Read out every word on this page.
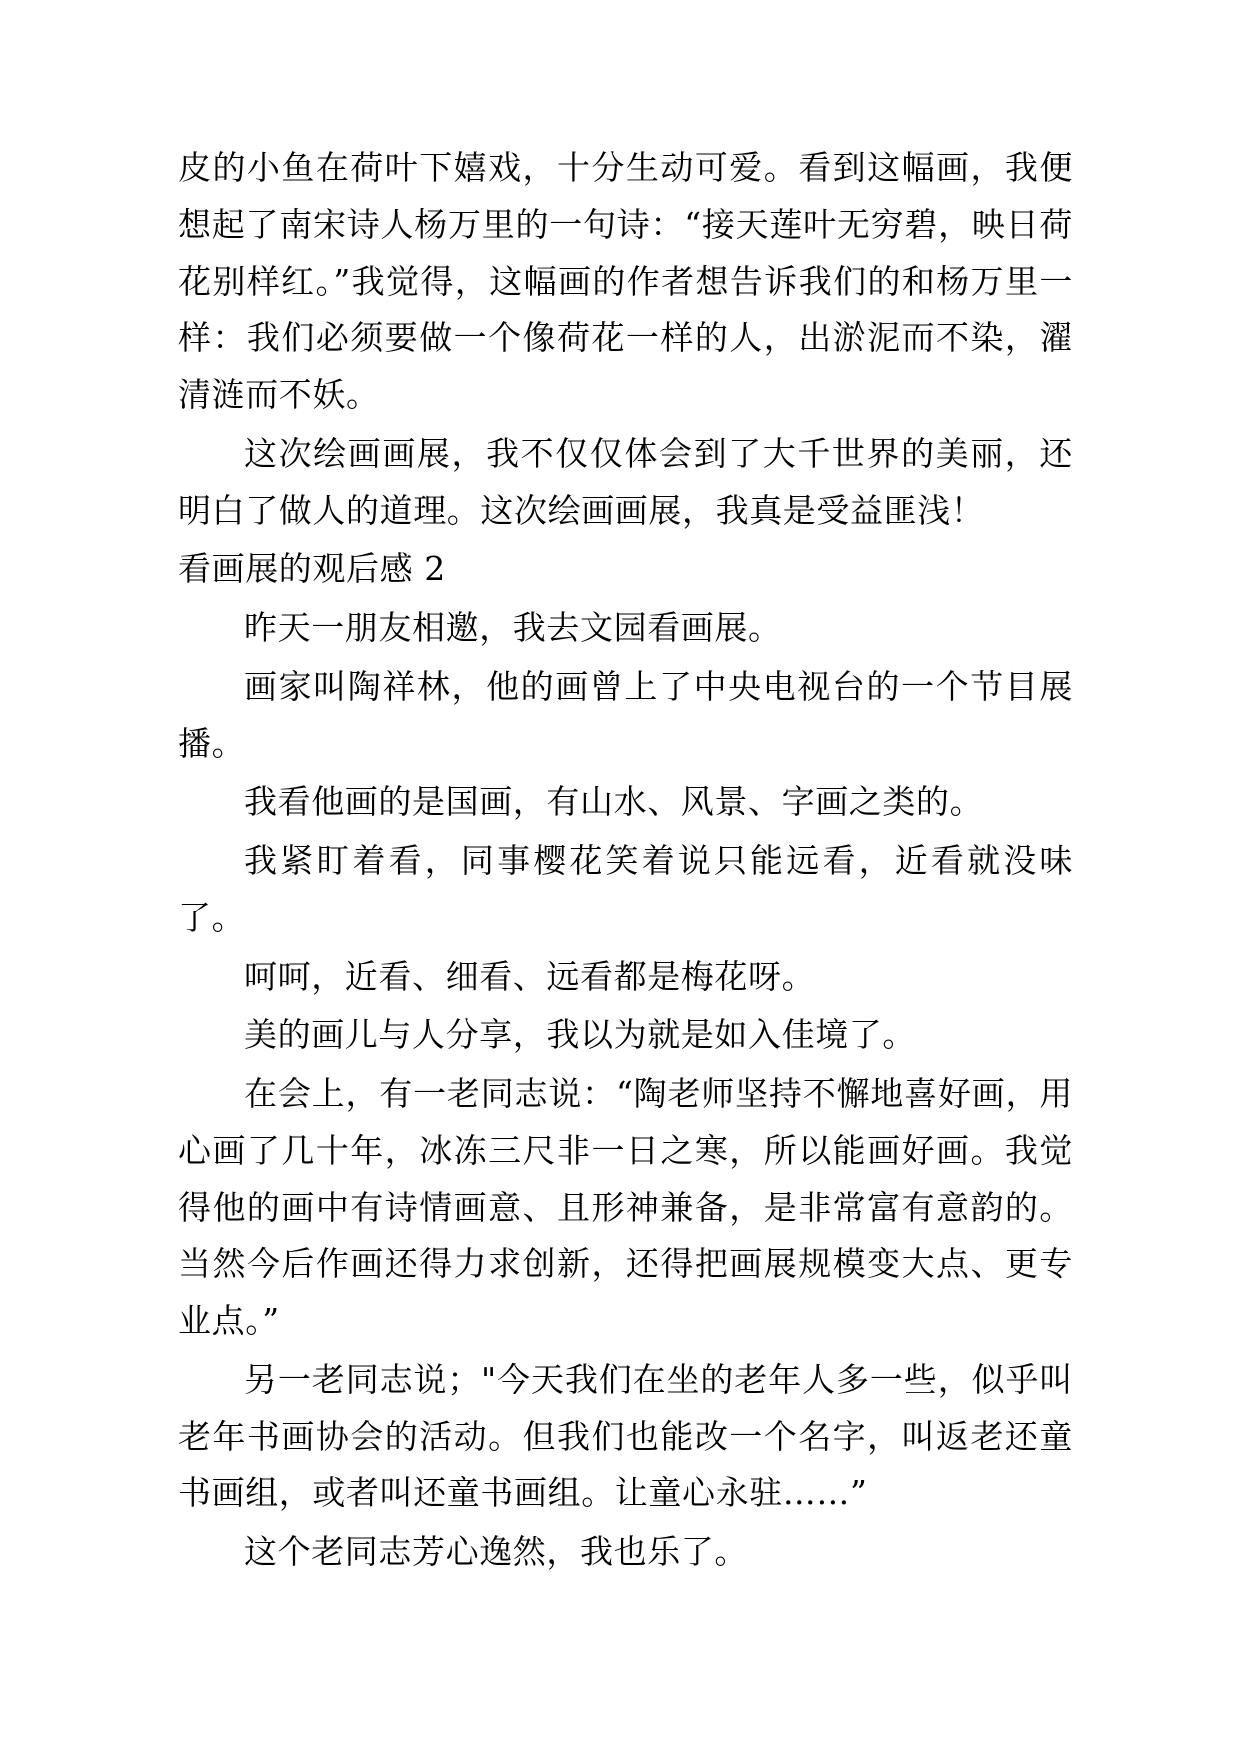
皮的小鱼在荷叶下嬉戏，十分生动可爱。看到这幅画，我便想起了南宋诗人杨万里的一句诗：“接天莲叶无穷碧，映日荷花别样红。”我觉得，这幅画的作者想告诉我们的和杨万里一样：我们必须要做一个像荷花一样的人，出淤泥而不染，濯清涟而不妖。

这次绘画画展，我不仅仅体会到了大千世界的美丽，还明白了做人的道理。这次绘画画展，我真是受益匪浅！

看画展的观后感 2

昨天一朋友相邀，我去文园看画展。

画家叫陶祥林，他的画曾上了中央电视台的一个节目展播。

我看他画的是国画，有山水、风景、字画之类的。

我紧盯着看，同事樱花笑着说只能远看，近看就没味了。

呵呵，近看、细看、远看都是梅花呀。

美的画儿与人分享，我以为就是如入佳境了。

在会上，有一老同志说：“陶老师坚持不懈地喜好画，用心画了几十年，冰冻三尺非一日之寒，所以能画好画。我觉得他的画中有诗情画意、且形神兼备，是非常富有意韵的。当然今后作画还得力求创新，还得把画展规模变大点、更专业点。”

另一老同志说；"今天我们在坐的老年人多一些，似乎叫老年书画协会的活动。但我们也能改一个名字，叫返老还童书画组，或者叫还童书画组。让童心永驻……”

这个老同志芳心逸然，我也乐了。
